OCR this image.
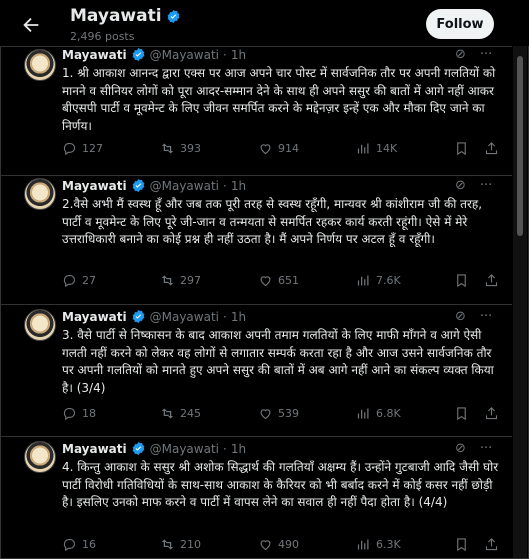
Mayawati
2,496 posts
Follow
Mayawati @Mayawati · 1h	⊘ ···
1. श्री आकाश आनन्द द्वारा एक्स पर आज अपने चार पोस्ट में सार्वजनिक तौर पर अपनी गलतियों को मानने व सीनियर लोगों को पूरा आदर-सम्मान देने के साथ ही अपने ससुर की बातों में आगे नहीं आकर बीएसपी पार्टी व मूवमेन्ट के लिए जीवन समर्पित करने के मद्देनज़र इन्हें एक और मौका दिए जाने का निर्णय।
127	393	914	14K
Mayawati @Mayawati · 1h	⊘ ···
2.वैसे अभी मैं स्वस्थ हूँ और जब तक पूरी तरह से स्वस्थ रहूँगी, मान्यवर श्री कांशीराम जी की तरह, पार्टी व मूवमेन्ट के लिए पूरे जी-जान व तन्मयता से समर्पित रहकर कार्य करती रहूंगी। ऐसे में मेरे उत्तराधिकारी बनाने का कोई प्रश्न ही नहीं उठता है। मैं अपने निर्णय पर अटल हूँ व रहूँगी।
27	297	651	7.6K
Mayawati @Mayawati · 1h	⊘ ···
3. वैसे पार्टी से निष्कासन के बाद आकाश अपनी तमाम गलतियों के लिए माफी मॉंगने व आगे ऐसी गलती नहीं करने को लेकर वह लोगों से लगातार सम्पर्क करता रहा है और आज उसने सार्वजनिक तौर पर अपनी गलतियों को मानते हुए अपने ससुर की बातों में अब आगे नहीं आने का संकल्प व्यक्त किया है। (3/4)
18	245	539	6.8K
Mayawati @Mayawati · 1h	⊘ ···
4. किन्तु आकाश के ससुर श्री अशोक सिद्धार्थ की गलतियाँ अक्षम्य हैं। उन्होंने गुटबाजी आदि जैसी घोर पार्टी विरोधी गतिविधियों के साथ-साथ आकाश के कैरियर को भी बर्बाद करने में कोई कसर नहीं छोड़ी है। इसलिए उनको माफ करने व पार्टी में वापस लेने का सवाल ही नहीं पैदा होता है। (4/4)
16	210	490	6.3K
